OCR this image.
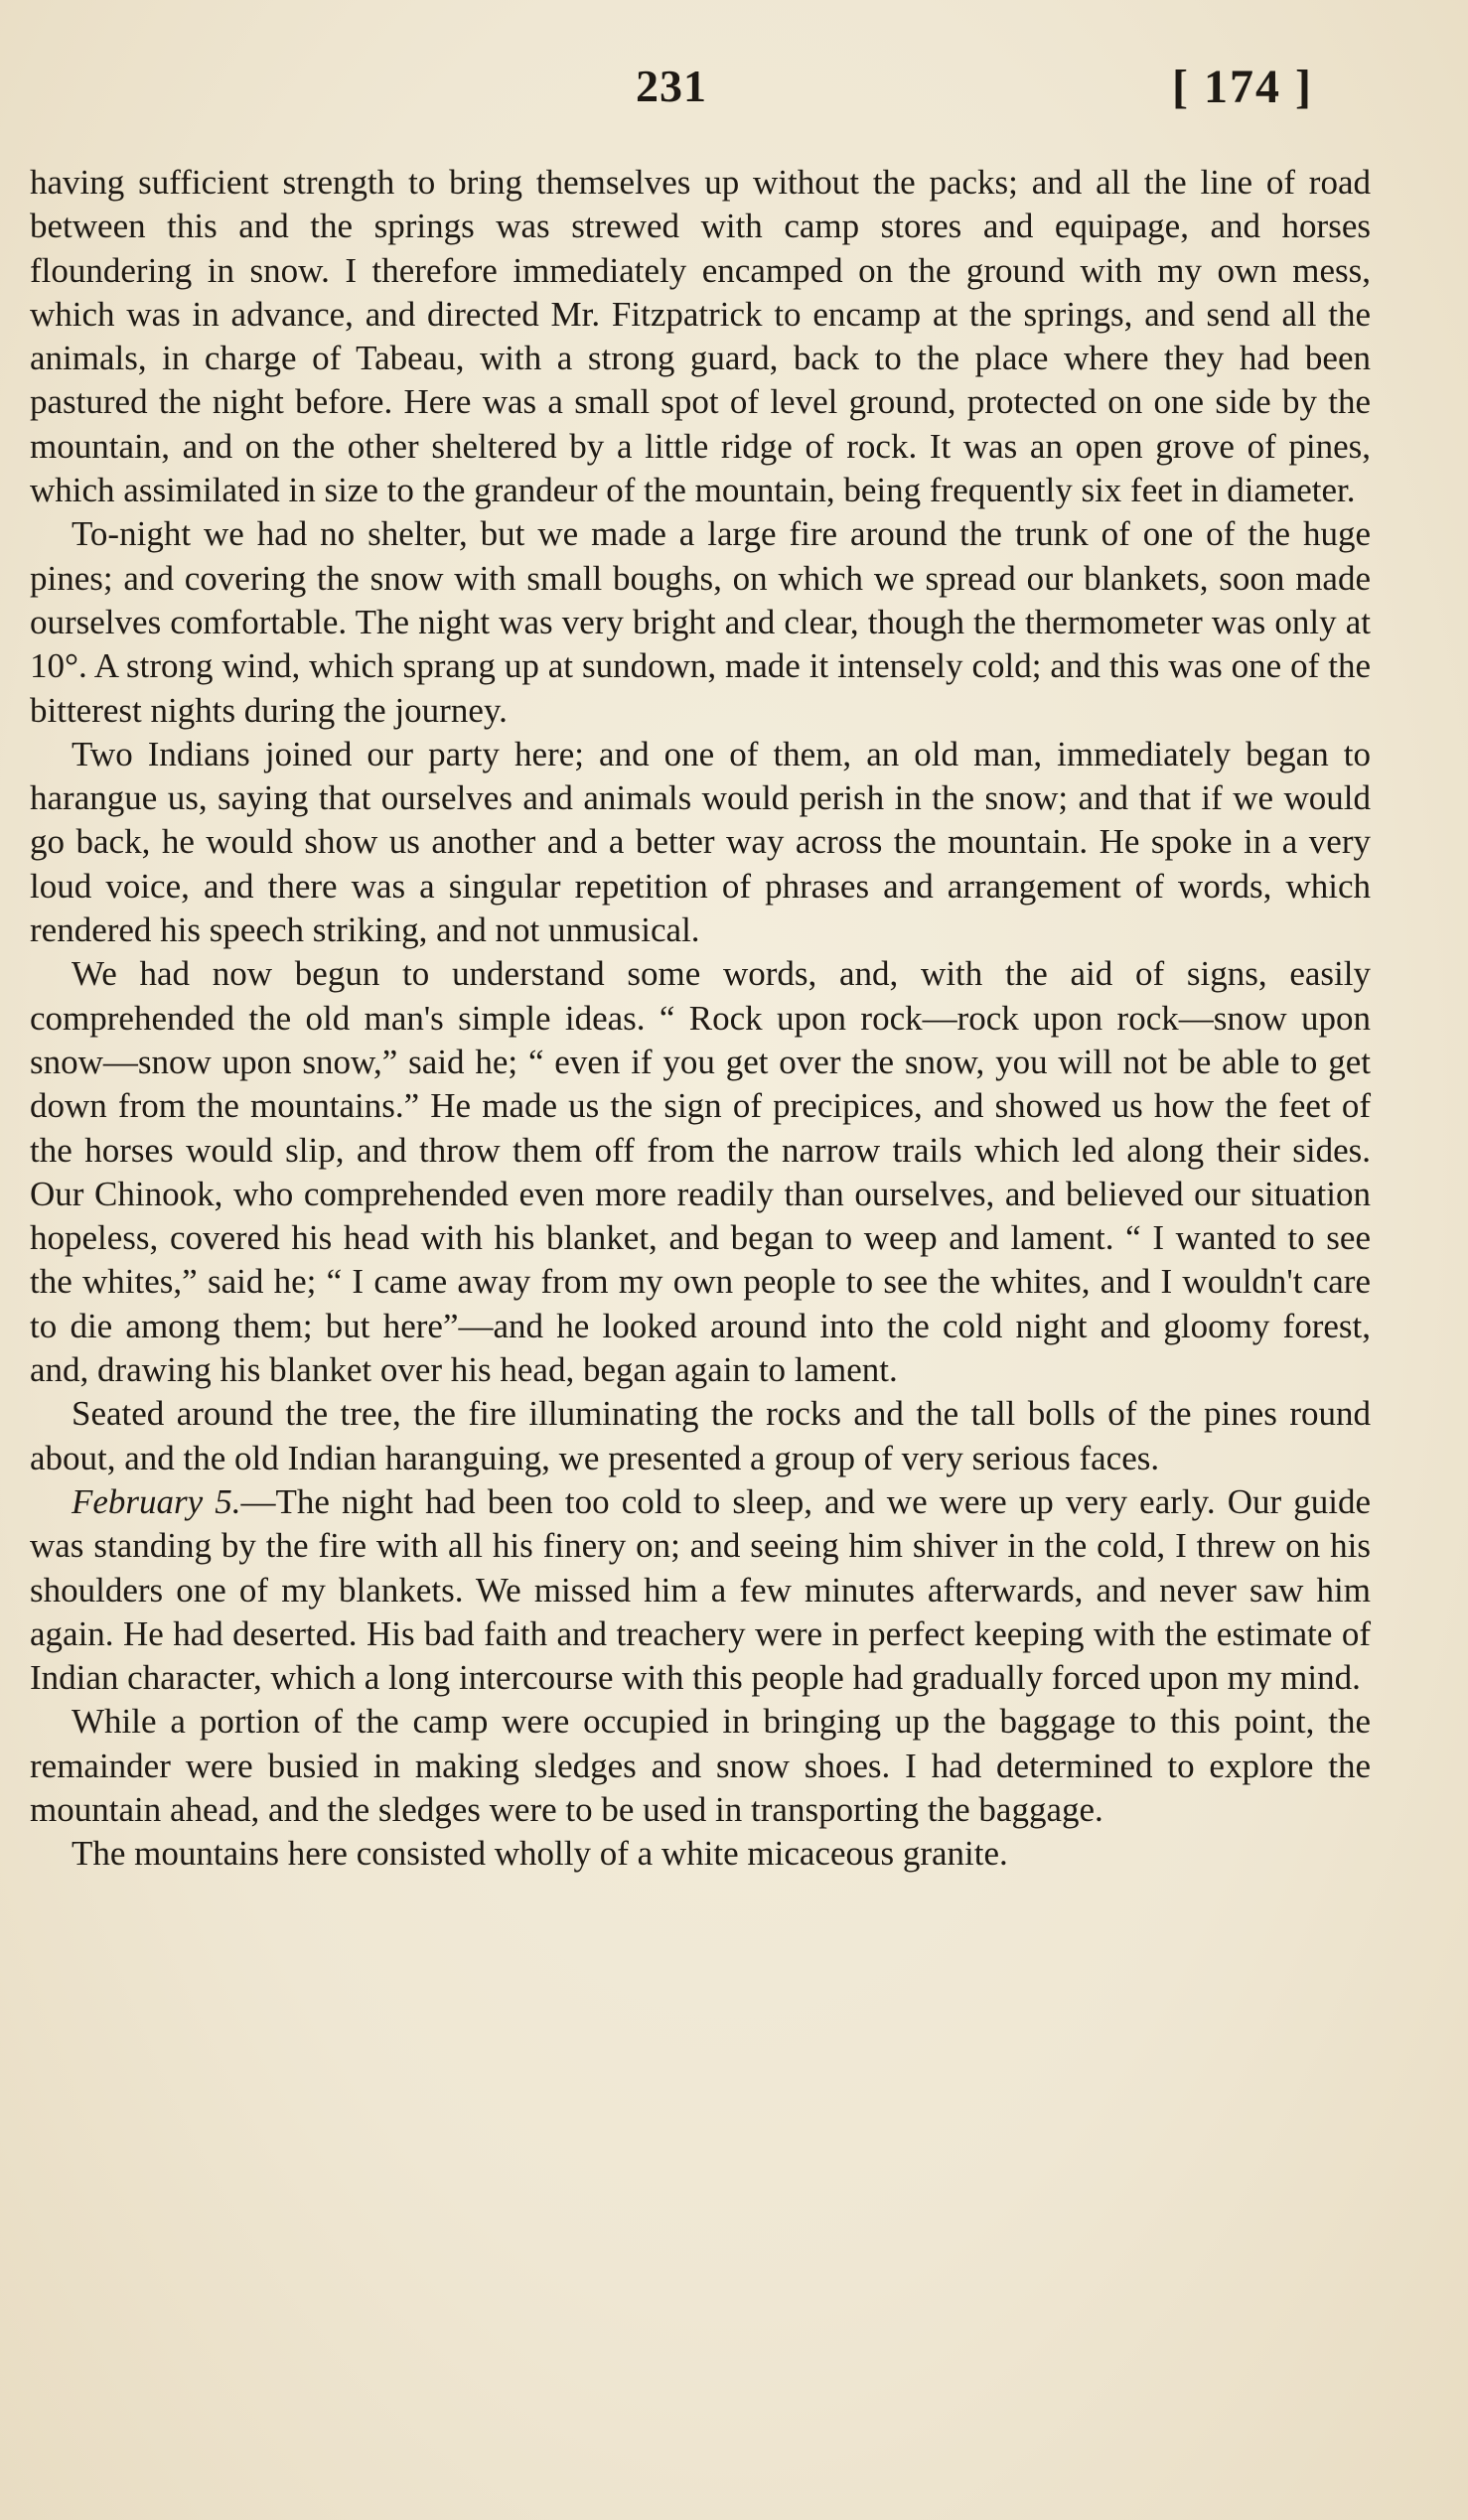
231	[ 174 ]

having sufficient strength to bring themselves up without the packs; and all the line of road between this and the springs was strewed with camp stores and equipage, and horses floundering in snow. I therefore immediately encamped on the ground with my own mess, which was in advance, and directed Mr. Fitzpatrick to encamp at the springs, and send all the animals, in charge of Tabeau, with a strong guard, back to the place where they had been pastured the night before. Here was a small spot of level ground, protected on one side by the mountain, and on the other sheltered by a little ridge of rock. It was an open grove of pines, which assimilated in size to the grandeur of the mountain, being frequently six feet in diameter.

To-night we had no shelter, but we made a large fire around the trunk of one of the huge pines; and covering the snow with small boughs, on which we spread our blankets, soon made ourselves comfortable. The night was very bright and clear, though the thermometer was only at 10°. A strong wind, which sprang up at sundown, made it intensely cold; and this was one of the bitterest nights during the journey.

Two Indians joined our party here; and one of them, an old man, immediately began to harangue us, saying that ourselves and animals would perish in the snow; and that if we would go back, he would show us another and a better way across the mountain. He spoke in a very loud voice, and there was a singular repetition of phrases and arrangement of words, which rendered his speech striking, and not unmusical.

We had now begun to understand some words, and, with the aid of signs, easily comprehended the old man's simple ideas. “ Rock upon rock—rock upon rock—snow upon snow—snow upon snow,” said he; “ even if you get over the snow, you will not be able to get down from the mountains.” He made us the sign of precipices, and showed us how the feet of the horses would slip, and throw them off from the narrow trails which led along their sides. Our Chinook, who comprehended even more readily than ourselves, and believed our situation hopeless, covered his head with his blanket, and began to weep and lament. “ I wanted to see the whites,” said he; “ I came away from my own people to see the whites, and I wouldn't care to die among them; but here”—and he looked around into the cold night and gloomy forest, and, drawing his blanket over his head, began again to lament.

Seated around the tree, the fire illuminating the rocks and the tall bolls of the pines round about, and the old Indian haranguing, we presented a group of very serious faces.

February 5.—The night had been too cold to sleep, and we were up very early. Our guide was standing by the fire with all his finery on; and seeing him shiver in the cold, I threw on his shoulders one of my blankets. We missed him a few minutes afterwards, and never saw him again. He had deserted. His bad faith and treachery were in perfect keeping with the estimate of Indian character, which a long intercourse with this people had gradually forced upon my mind.

While a portion of the camp were occupied in bringing up the baggage to this point, the remainder were busied in making sledges and snow shoes. I had determined to explore the mountain ahead, and the sledges were to be used in transporting the baggage.

The mountains here consisted wholly of a white micaceous granite.
